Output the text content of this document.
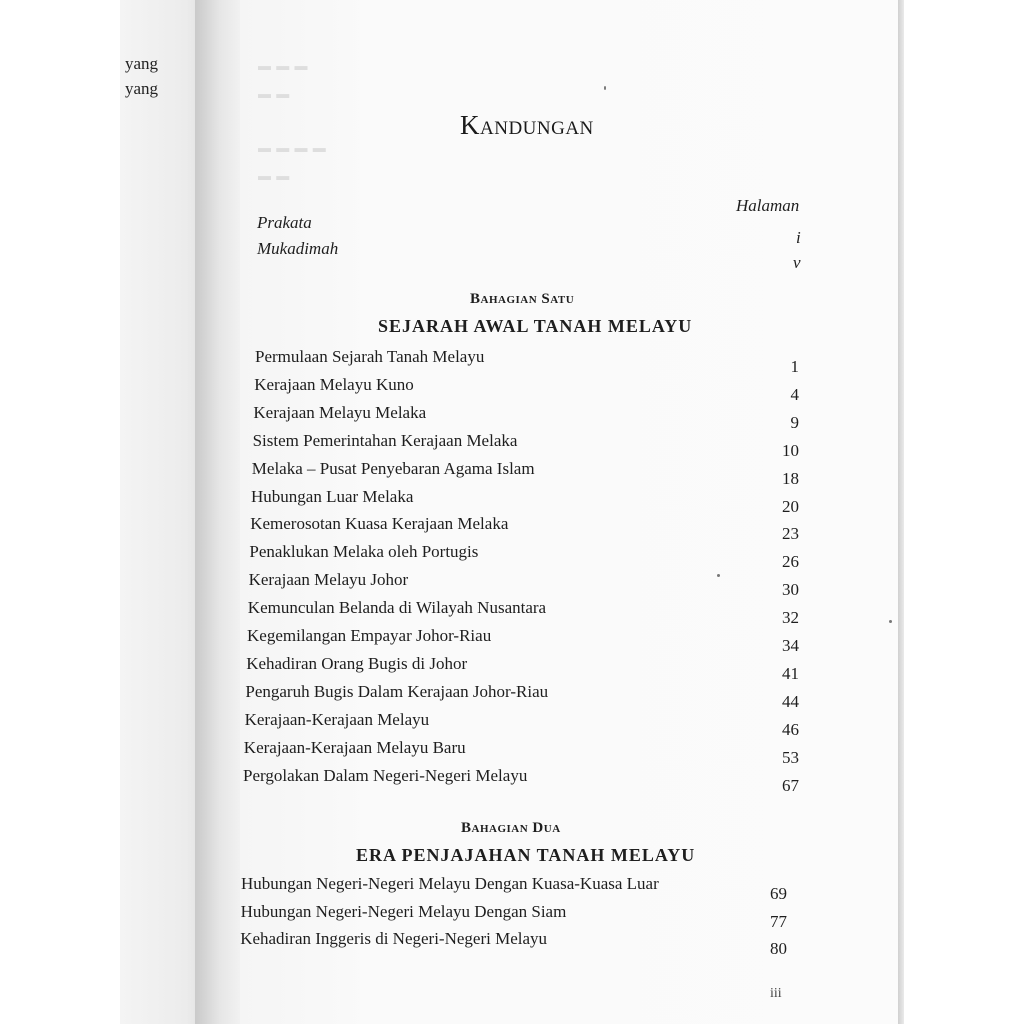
▬ ▬ ▬
▬ ▬
▬ ▬ ▬ ▬
▬ ▬
yang
yang
Kandungan
Halaman
Prakata
i
Mukadimah
v
Bahagian Satu
SEJARAH AWAL TANAH MELAYU
Permulaan Sejarah Tanah Melayu
1
Kerajaan Melayu Kuno
4
Kerajaan Melayu Melaka
9
Sistem Pemerintahan Kerajaan Melaka
10
Melaka – Pusat Penyebaran Agama Islam
18
Hubungan Luar Melaka
20
Kemerosotan Kuasa Kerajaan Melaka
23
Penaklukan Melaka oleh Portugis
26
Kerajaan Melayu Johor
30
Kemunculan Belanda di Wilayah Nusantara
32
Kegemilangan Empayar Johor-Riau
34
Kehadiran Orang Bugis di Johor
41
Pengaruh Bugis Dalam Kerajaan Johor-Riau
44
Kerajaan-Kerajaan Melayu
46
Kerajaan-Kerajaan Melayu Baru
53
Pergolakan Dalam Negeri-Negeri Melayu
67
Bahagian Dua
ERA PENJAJAHAN TANAH MELAYU
Hubungan Negeri-Negeri Melayu Dengan Kuasa-Kuasa Luar
69
Hubungan Negeri-Negeri Melayu Dengan Siam
77
Kehadiran Inggeris di Negeri-Negeri Melayu
80
iii
